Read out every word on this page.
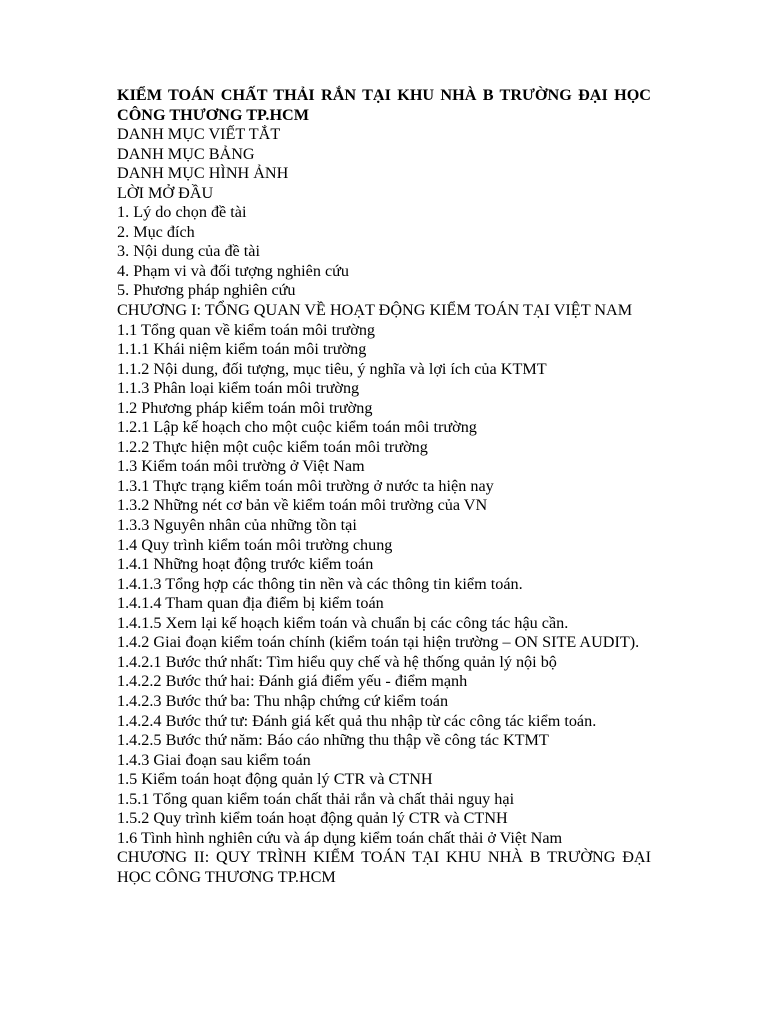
KIỂM TOÁN CHẤT THẢI RẮN TẠI KHU NHÀ B TRƯỜNG ĐẠI HỌC CÔNG THƯƠNG TP.HCM

DANH MỤC VIẾT TẮT

DANH MỤC BẢNG

DANH MỤC HÌNH ẢNH

LỜI MỞ ĐẦU

1. Lý do chọn đề tài

2. Mục đích

3. Nội dung của đề tài

4. Phạm vi và đối tượng nghiên cứu

5. Phương pháp nghiên cứu

CHƯƠNG I: TỔNG QUAN VỀ HOẠT ĐỘNG KIỂM TOÁN TẠI VIỆT NAM

1.1 Tổng quan về kiểm toán môi trường

1.1.1 Khái niệm kiểm toán môi trường

1.1.2 Nội dung, đối tượng, mục tiêu, ý nghĩa và lợi ích của KTMT

1.1.3 Phân loại kiểm toán môi trường

1.2 Phương pháp kiểm toán môi trường

1.2.1 Lập kế hoạch cho một cuộc kiểm toán môi trường

1.2.2 Thực hiện một cuộc kiểm toán môi trường

1.3 Kiểm toán môi trường ở Việt Nam

1.3.1 Thực trạng kiểm toán môi trường ở nước ta hiện nay

1.3.2 Những nét cơ bản về kiểm toán môi trường của VN

1.3.3 Nguyên nhân của những tồn tại

1.4 Quy trình kiểm toán môi trường chung

1.4.1 Những hoạt động trước kiểm toán

1.4.1.3 Tổng hợp các thông tin nền và các thông tin kiểm toán.

1.4.1.4 Tham quan địa điểm bị kiểm toán

1.4.1.5 Xem lại kế hoạch kiểm toán và chuẩn bị các công tác hậu cần.

1.4.2 Giai đoạn kiểm toán chính (kiểm toán tại hiện trường – ON SITE AUDIT).

1.4.2.1 Bước thứ nhất: Tìm hiểu quy chế và hệ thống quản lý nội bộ

1.4.2.2 Bước thứ hai: Đánh giá điểm yếu - điểm mạnh

1.4.2.3 Bước thứ ba: Thu nhập chứng cứ kiểm toán

1.4.2.4 Bước thứ tư: Đánh giá kết quả thu nhập từ các công tác kiểm toán.

1.4.2.5 Bước thứ năm: Báo cáo những thu thập về công tác KTMT

1.4.3 Giai đoạn sau kiểm toán

1.5 Kiểm toán hoạt động quản lý CTR và CTNH

1.5.1 Tổng quan kiểm toán chất thải rắn và chất thải nguy hại

1.5.2 Quy trình kiểm toán hoạt động quản lý CTR và CTNH

1.6 Tình hình nghiên cứu và áp dụng kiểm toán chất thải ở Việt Nam

CHƯƠNG II: QUY TRÌNH KIỂM TOÁN TẠI KHU NHÀ B TRƯỜNG ĐẠI HỌC CÔNG THƯƠNG TP.HCM
